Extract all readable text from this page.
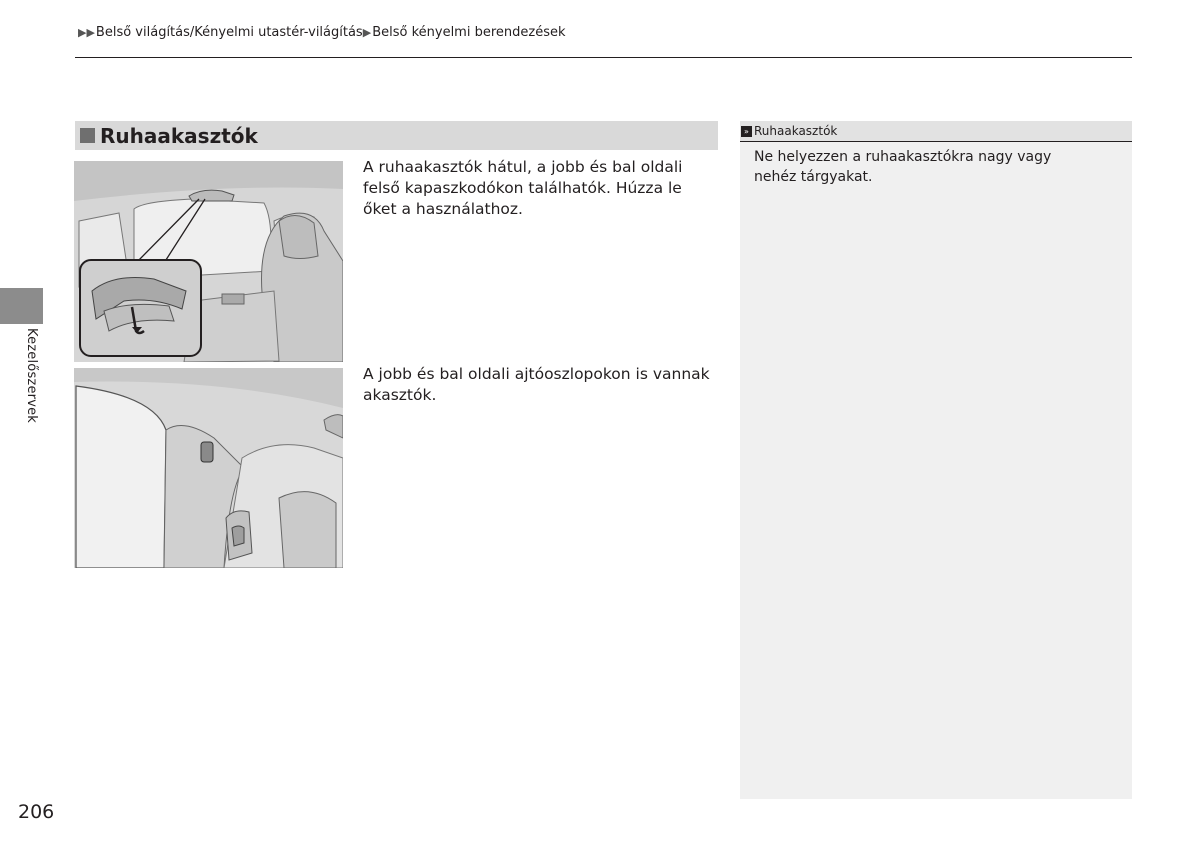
▶▶ Belső világítás/Kényelmi utastér-világítás ▶ Belső kényelmi berendezések
Kezelőszervek
206
Ruhaakasztók
A ruhaakasztók hátul, a jobb és bal oldali felső kapaszkodókon találhatók. Húzza le őket a használathoz.
A jobb és bal oldali ajtóoszlopokon is vannak akasztók.
» Ruhaakasztók
Ne helyezzen a ruhaakasztókra nagy vagy nehéz tárgyakat.
